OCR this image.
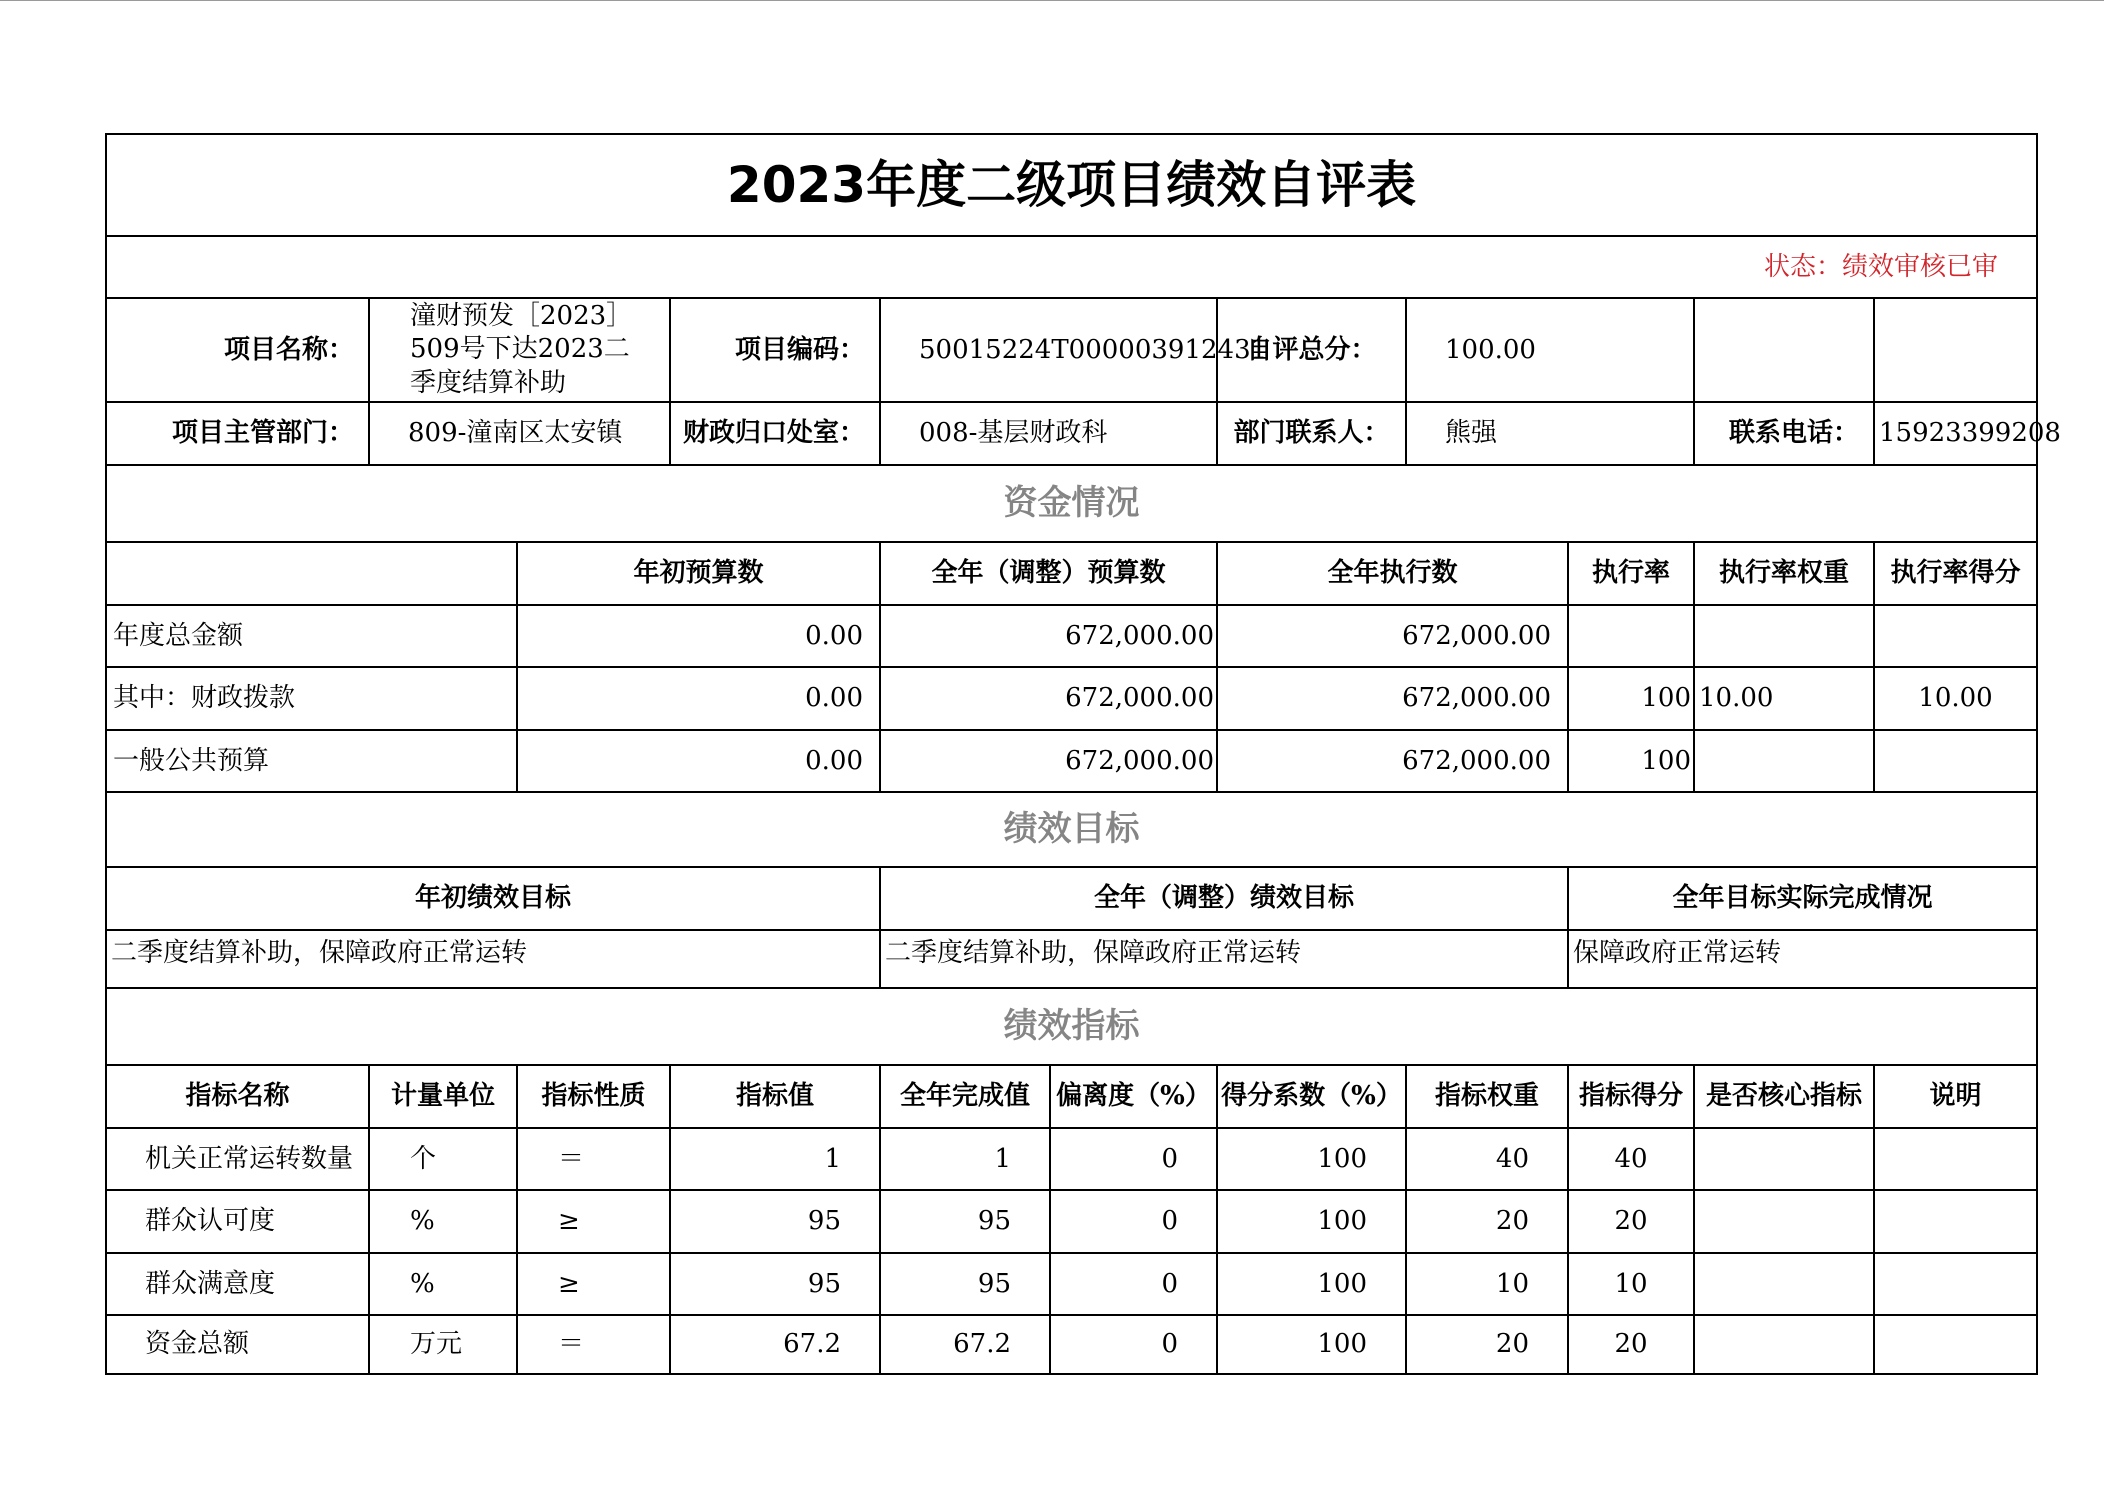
2023年度二级项目绩效自评表
状态：绩效审核已审
项目名称：
潼财预发［2023］509号下达2023二季度结算补助
项目编码：	50015224T000003912431
自评总分：	100.00
项目主管部门：	809-潼南区太安镇	财政归口处室：	008-基层财政科	部门联系人：	熊强	联系电话： 15923399208
资金情况
年初预算数	全年（调整）预算数	全年执行数	执行率	执行率权重	执行率得分
年度总金额	0.00	672,000.00	672,000.00
其中：财政拨款	0.00	672,000.00	672,000.00	100 10.00	10.00
一般公共预算	0.00	672,000.00	672,000.00	100
绩效目标
年初绩效目标	全年（调整）绩效目标	全年目标实际完成情况
二季度结算补助，保障政府正常运转	二季度结算补助，保障政府正常运转	保障政府正常运转
绩效指标
指标名称	计量单位	指标性质	指标值	全年完成值	偏离度（%） 得分系数（%）	指标权重	指标得分 是否核心指标	说明
机关正常运转数量	个	＝	1	1	0	100	40	40
群众认可度	%	≥	95	95	0	100	20	20
群众满意度	%	≥	95	95	0	100	10	10
资金总额	万元	＝	67.2	67.2	0	100	20	20
